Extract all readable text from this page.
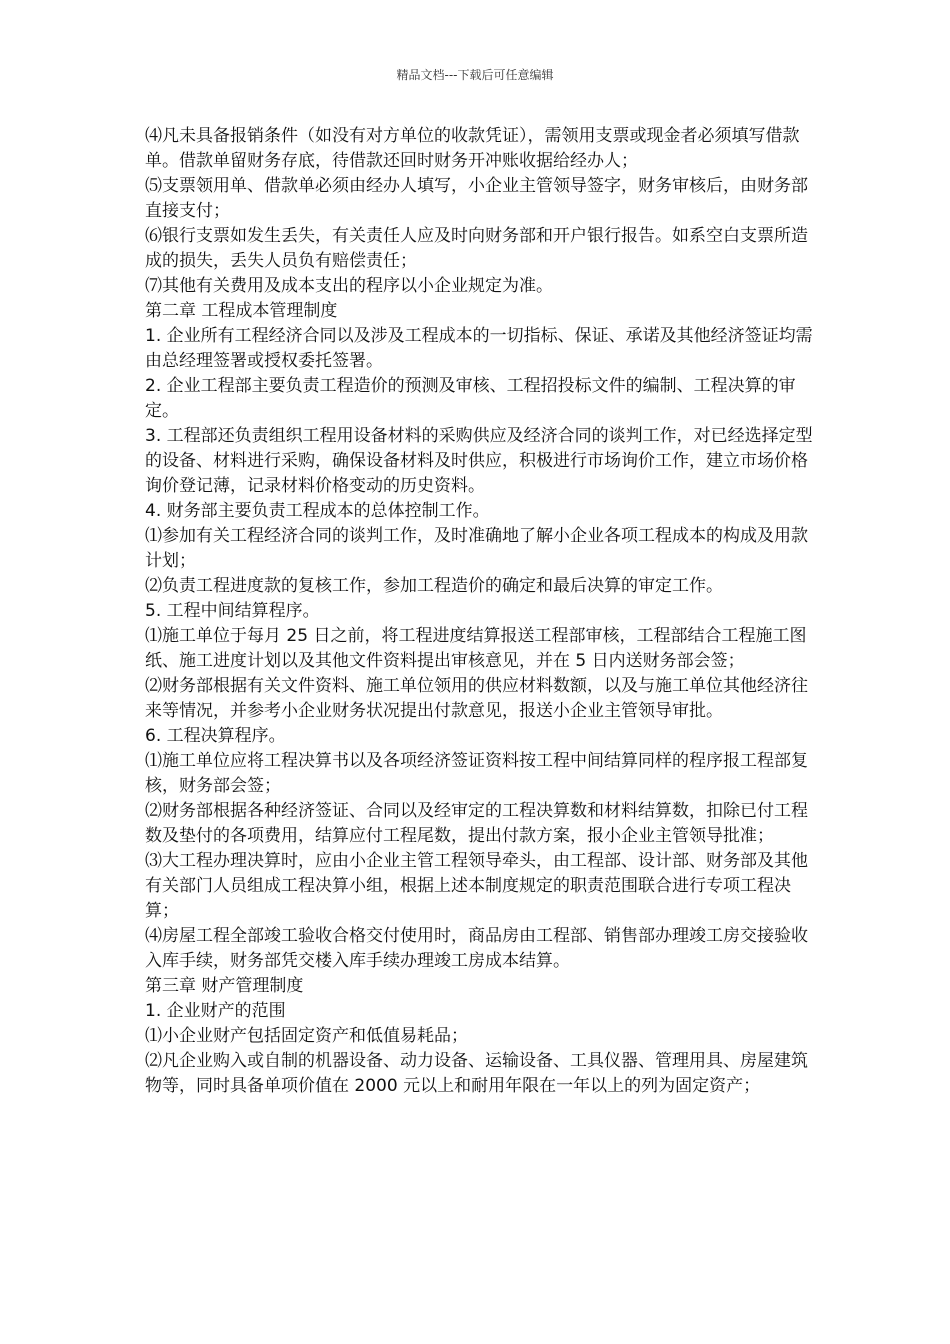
精品文档---下载后可任意编辑

⑷凡未具备报销条件（如没有对方单位的收款凭证），需领用支票或现金者必须填写借款单。借款单留财务存底，待借款还回时财务开冲账收据给经办人；

⑸支票领用单、借款单必须由经办人填写，小企业主管领导签字，财务审核后，由财务部直接支付；

⑹银行支票如发生丢失，有关责任人应及时向财务部和开户银行报告。如系空白支票所造成的损失，丢失人员负有赔偿责任；

⑺其他有关费用及成本支出的程序以小企业规定为准。

第二章 工程成本管理制度

1. 企业所有工程经济合同以及涉及工程成本的一切指标、保证、承诺及其他经济签证均需由总经理签署或授权委托签署。

2. 企业工程部主要负责工程造价的预测及审核、工程招投标文件的编制、工程决算的审定。

3. 工程部还负责组织工程用设备材料的采购供应及经济合同的谈判工作，对已经选择定型的设备、材料进行采购，确保设备材料及时供应，积极进行市场询价工作，建立市场价格询价登记薄，记录材料价格变动的历史资料。

4. 财务部主要负责工程成本的总体控制工作。

⑴参加有关工程经济合同的谈判工作，及时准确地了解小企业各项工程成本的构成及用款计划；

⑵负责工程进度款的复核工作，参加工程造价的确定和最后决算的审定工作。

5. 工程中间结算程序。

⑴施工单位于每月 25 日之前，将工程进度结算报送工程部审核，工程部结合工程施工图纸、施工进度计划以及其他文件资料提出审核意见，并在 5 日内送财务部会签；

⑵财务部根据有关文件资料、施工单位领用的供应材料数额，以及与施工单位其他经济往来等情况，并参考小企业财务状况提出付款意见，报送小企业主管领导审批。

6. 工程决算程序。

⑴施工单位应将工程决算书以及各项经济签证资料按工程中间结算同样的程序报工程部复核，财务部会签；

⑵财务部根据各种经济签证、合同以及经审定的工程决算数和材料结算数，扣除已付工程数及垫付的各项费用，结算应付工程尾数，提出付款方案，报小企业主管领导批准；

⑶大工程办理决算时，应由小企业主管工程领导牵头，由工程部、设计部、财务部及其他有关部门人员组成工程决算小组，根据上述本制度规定的职责范围联合进行专项工程决算；

⑷房屋工程全部竣工验收合格交付使用时，商品房由工程部、销售部办理竣工房交接验收入库手续，财务部凭交楼入库手续办理竣工房成本结算。

第三章 财产管理制度

1. 企业财产的范围

⑴小企业财产包括固定资产和低值易耗品；

⑵凡企业购入或自制的机器设备、动力设备、运输设备、工具仪器、管理用具、房屋建筑物等，同时具备单项价值在 2000 元以上和耐用年限在一年以上的列为固定资产；
